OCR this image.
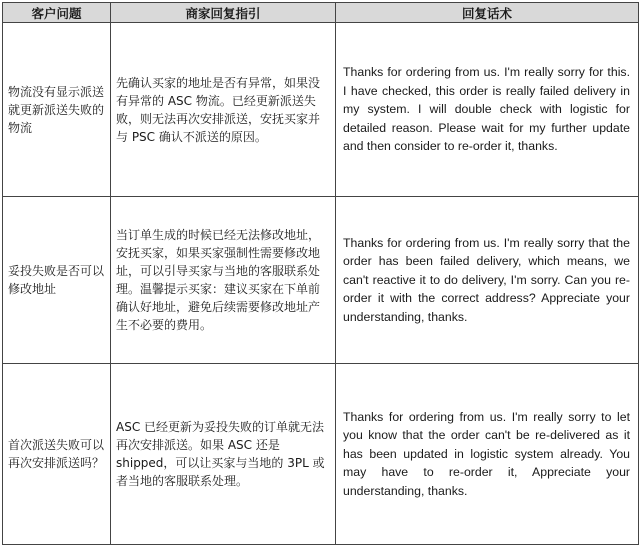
客户问题	商家回复指引	回复话术
物流没有显示派送就更新派送失败的物流	先确认买家的地址是否有异常，如果没有异常的 ASC 物流。已经更新派送失败，则无法再次安排派送，安抚买家并与 PSC 确认不派送的原因。	Thanks for ordering from us. I'm really sorry for this. I have checked, this order is really failed delivery in my system. I will double check with logistic for detailed reason. Please wait for my further update and then consider to re-order it, thanks.
妥投失败是否可以修改地址	当订单生成的时候已经无法修改地址，安抚买家，如果买家强制性需要修改地址，可以引导买家与当地的客服联系处理。温馨提示买家：建议买家在下单前确认好地址，避免后续需要修改地址产生不必要的费用。	Thanks for ordering from us. I'm really sorry that the order has been failed delivery, which means, we can't reactive it to do delivery, I'm sorry. Can you re-order it with the correct address? Appreciate your understanding, thanks.
首次派送失败可以再次安排派送吗？	ASC 已经更新为妥投失败的订单就无法再次安排派送。如果 ASC 还是 shipped，可以让买家与当地的 3PL 或者当地的客服联系处理。	Thanks for ordering from us. I'm really sorry to let you know that the order can't be re-delivered as it has been updated in logistic system already. You may have to re-order it, Appreciate your understanding, thanks.
